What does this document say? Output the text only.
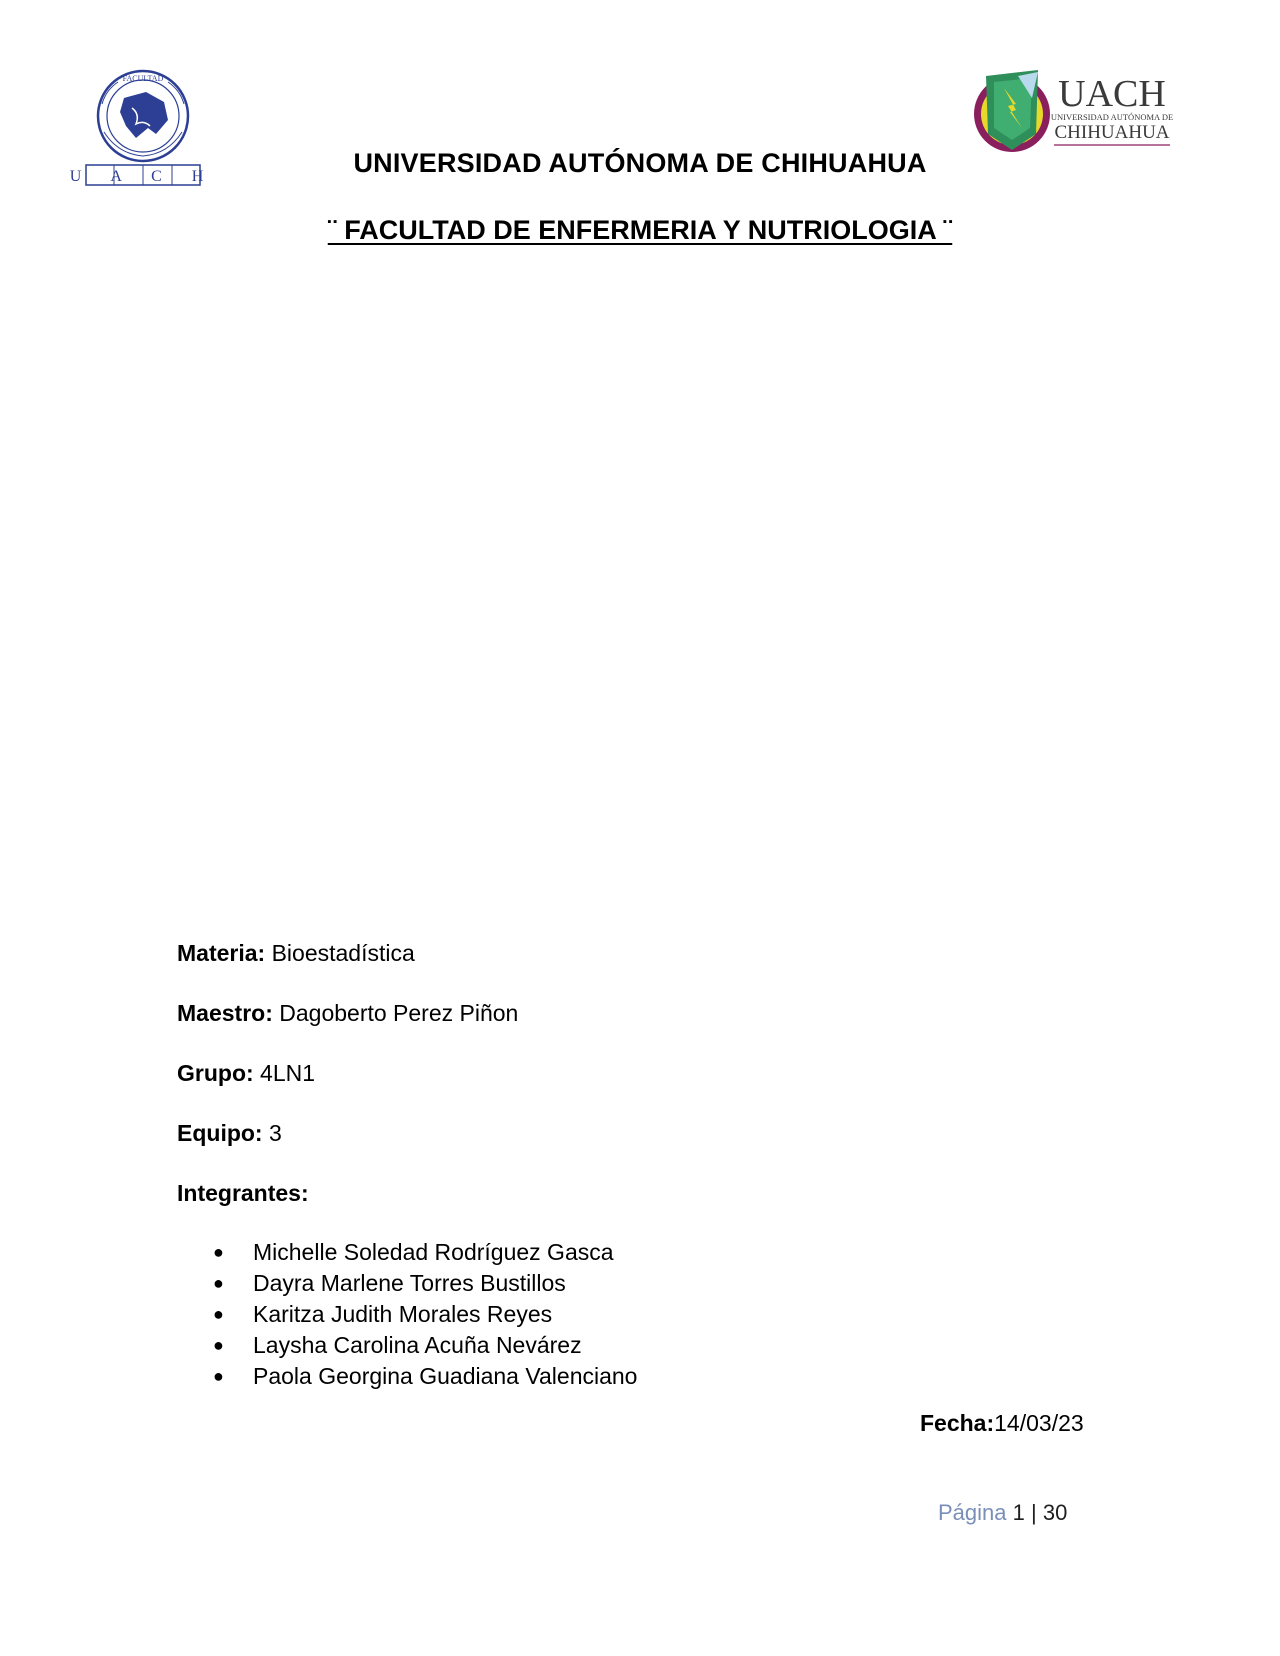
FACULTAD
U A C H
UACH
UNIVERSIDAD AUTÓNOMA DE
CHIHUAHUA
UNIVERSIDAD AUTÓNOMA DE CHIHUAHUA
¨ FACULTAD DE ENFERMERIA Y NUTRIOLOGIA ¨
Materia: Bioestadística
Maestro: Dagoberto Perez Piñon
Grupo: 4LN1
Equipo: 3
Integrantes:
● Michelle Soledad Rodríguez Gasca
● Dayra Marlene Torres Bustillos
● Karitza Judith Morales Reyes
● Laysha Carolina Acuña Nevárez
● Paola Georgina Guadiana Valenciano
Fecha:14/03/23
Página 1 | 30
